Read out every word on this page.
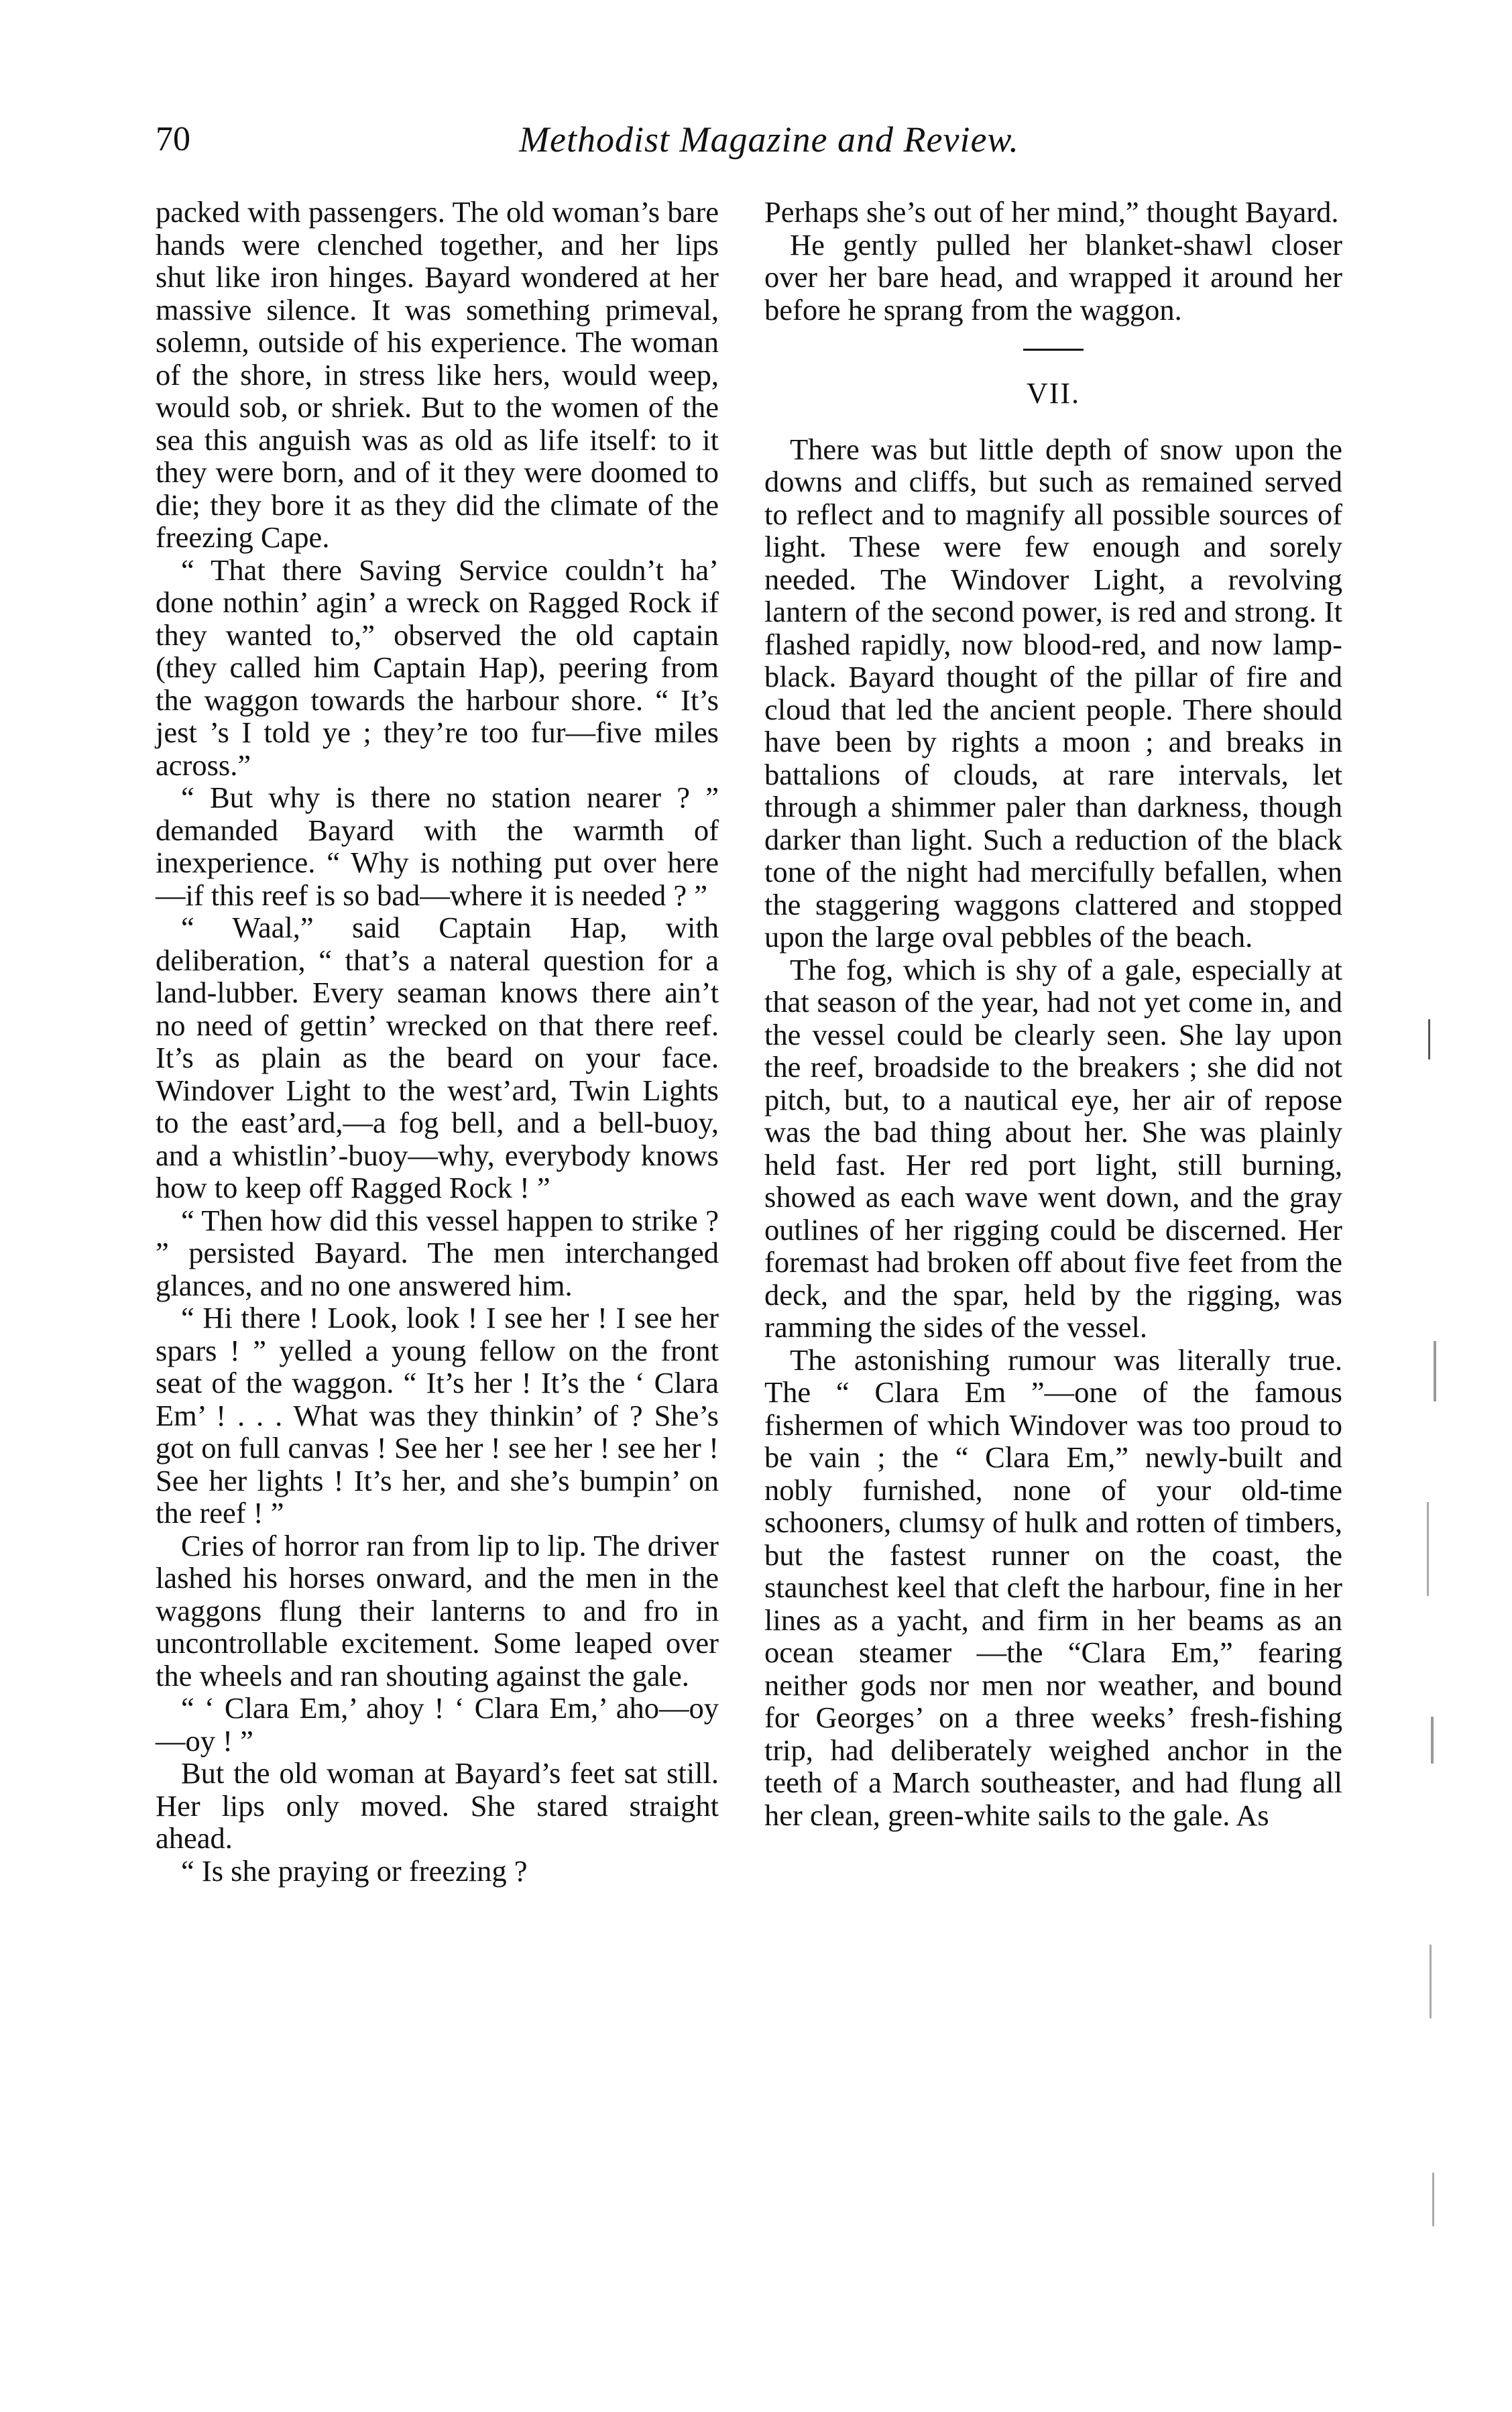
70	Methodist Magazine and Review.

packed with passengers. The old woman’s bare hands were clenched together, and her lips shut like iron hinges. Bayard wondered at her massive silence. It was something primeval, solemn, outside of his experience. The woman of the shore, in stress like hers, would weep, would sob, or shriek. But to the women of the sea this anguish was as old as life itself: to it they were born, and of it they were doomed to die; they bore it as they did the climate of the freezing Cape.

“ That there Saving Service couldn’t ha’ done nothin’ agin’ a wreck on Ragged Rock if they wanted to,” observed the old captain (they called him Captain Hap), peering from the waggon towards the harbour shore. “ It’s jest ’s I told ye ; they’re too fur—five miles across.”

“ But why is there no station nearer ? ” demanded Bayard with the warmth of inexperience. “ Why is nothing put over here—if this reef is so bad—where it is needed ? ”

“ Waal,” said Captain Hap, with deliberation, “ that’s a nateral question for a land-lubber. Every seaman knows there ain’t no need of gettin’ wrecked on that there reef. It’s as plain as the beard on your face. Windover Light to the west’ard, Twin Lights to the east’ard,—a fog bell, and a bell-buoy, and a whistlin’-buoy—why, everybody knows how to keep off Ragged Rock ! ”

“ Then how did this vessel happen to strike ? ” persisted Bayard. The men interchanged glances, and no one answered him.

“ Hi there ! Look, look ! I see her ! I see her spars ! ” yelled a young fellow on the front seat of the waggon. “ It’s her ! It’s the ‘ Clara Em’ ! . . . What was they thinkin’ of ? She’s got on full canvas ! See her ! see her ! see her ! See her lights ! It’s her, and she’s bumpin’ on the reef ! ”

Cries of horror ran from lip to lip. The driver lashed his horses onward, and the men in the waggons flung their lanterns to and fro in uncontrollable excitement. Some leaped over the wheels and ran shouting against the gale.

“ ‘ Clara Em,’ ahoy ! ‘ Clara Em,’ aho—oy—oy ! ”

But the old woman at Bayard’s feet sat still. Her lips only moved. She stared straight ahead.

“ Is she praying or freezing ?

Perhaps she’s out of her mind,” thought Bayard.

He gently pulled her blanket-shawl closer over her bare head, and wrapped it around her before he sprang from the waggon.

VII.

There was but little depth of snow upon the downs and cliffs, but such as remained served to reflect and to magnify all possible sources of light. These were few enough and sorely needed. The Windover Light, a revolving lantern of the second power, is red and strong. It flashed rapidly, now blood-red, and now lamp-black. Bayard thought of the pillar of fire and cloud that led the ancient people. There should have been by rights a moon ; and breaks in battalions of clouds, at rare intervals, let through a shimmer paler than darkness, though darker than light. Such a reduction of the black tone of the night had mercifully befallen, when the staggering waggons clattered and stopped upon the large oval pebbles of the beach.

The fog, which is shy of a gale, especially at that season of the year, had not yet come in, and the vessel could be clearly seen. She lay upon the reef, broadside to the breakers ; she did not pitch, but, to a nautical eye, her air of repose was the bad thing about her. She was plainly held fast. Her red port light, still burning, showed as each wave went down, and the gray outlines of her rigging could be discerned. Her foremast had broken off about five feet from the deck, and the spar, held by the rigging, was ramming the sides of the vessel.

The astonishing rumour was literally true. The “ Clara Em ”—one of the famous fishermen of which Windover was too proud to be vain ; the “ Clara Em,” newly-built and nobly furnished, none of your old-time schooners, clumsy of hulk and rotten of timbers, but the fastest runner on the coast, the staunchest keel that cleft the harbour, fine in her lines as a yacht, and firm in her beams as an ocean steamer —the “Clara Em,” fearing neither gods nor men nor weather, and bound for Georges’ on a three weeks’ fresh-fishing trip, had deliberately weighed anchor in the teeth of a March southeaster, and had flung all her clean, green-white sails to the gale. As
